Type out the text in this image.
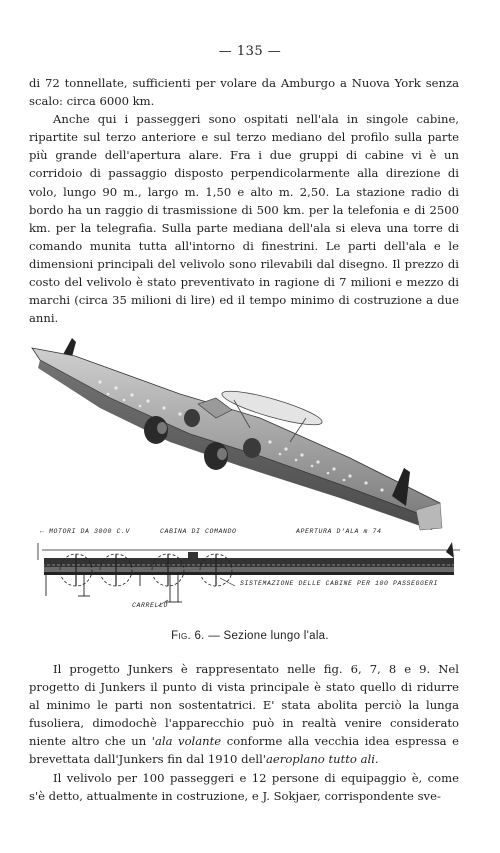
— 135 —

di 72 tonnellate, sufficienti per volare da Amburgo a Nuova York senza scalo: circa 6000 km.

Anche qui i passeggeri sono ospitati nell'ala in singole cabine, ripartite sul terzo anteriore e sul terzo mediano del profilo sulla parte più grande dell'apertura alare. Fra i due gruppi di cabine vi è un corridoio di passaggio disposto perpendicolarmente alla direzione di volo, lungo 90 m., largo m. 1,50 e alto m. 2,50. La stazione radio di bordo ha un raggio di trasmissione di 500 km. per la telefonia e di 2500 km. per la telegrafia. Sulla parte mediana dell'ala si eleva una torre di comando munita tutta all'intorno di finestrini. Le parti dell'ala e le dimensioni principali del velivolo sono rilevabili dal disegno. Il prezzo di costo del velivolo è stato preventivato in ragione di 7 milioni e mezzo di marchi (circa 35 milioni di lire) ed il tempo minimo di costruzione a due anni.

← MOTORI DA 3000 C.V	CABINA DI COMANDO	APERTURA D'ALA m 74
SISTEMAZIONE DELLE CABINE PER 100 PASSEGGERI
CARRELLO
Fig. 6. — Sezione lungo l'ala.

Il progetto Junkers è rappresentato nelle fig. 6, 7, 8 e 9. Nel progetto di Junkers il punto di vista principale è stato quello di ridurre al minimo le parti non sostentatrici. E' stata abolita perciò la lunga fusoliera, dimodochè l'apparecchio può in realtà venire considerato niente altro che un 'ala volante conforme alla vecchia idea espressa e brevettata dall'Junkers fin dal 1910 dell'aeroplano tutto ali.

Il velivolo per 100 passeggeri e 12 persone di equipaggio è, come s'è detto, attualmente in costruzione, e J. Sokjaer, corrispondente sve-
